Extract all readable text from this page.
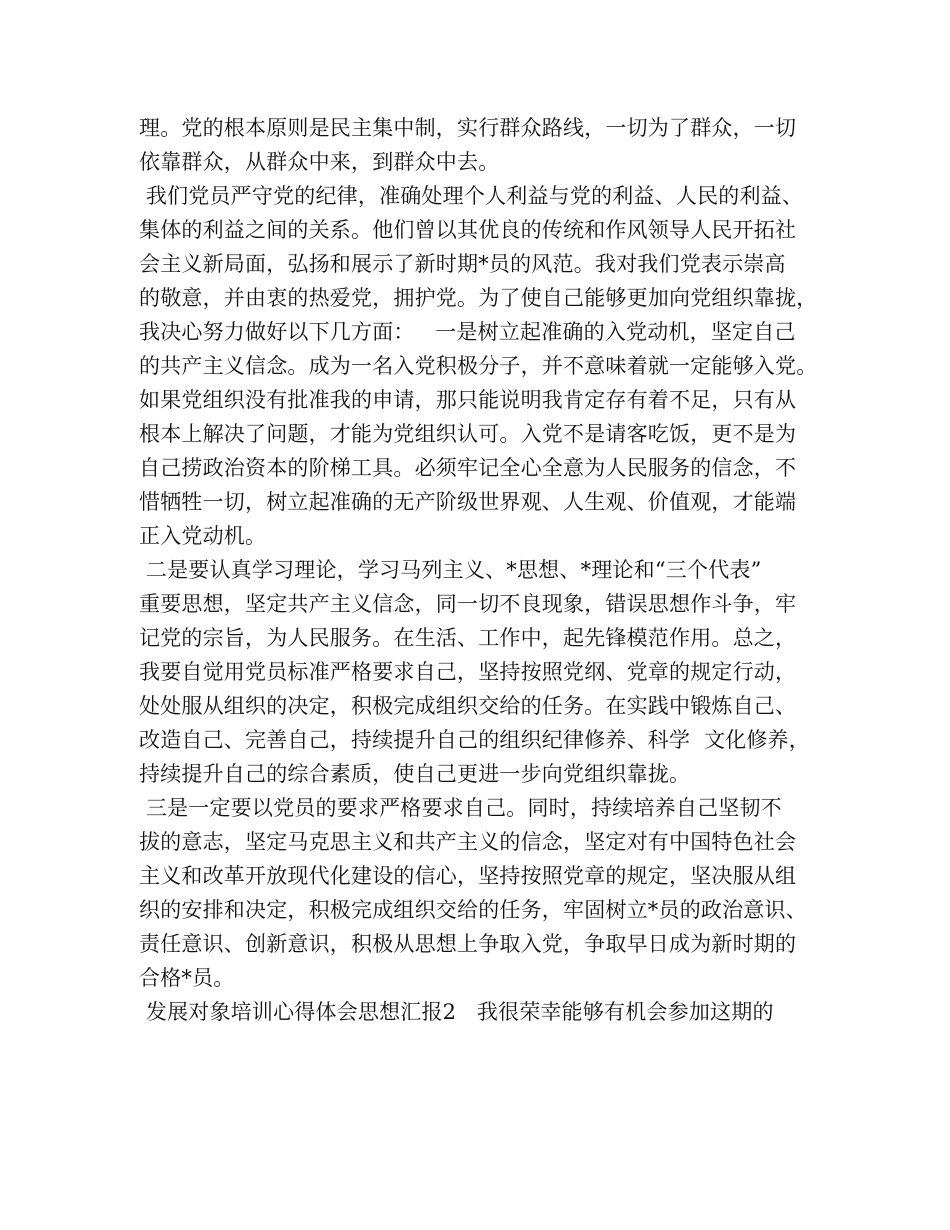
理。党的根本原则是民主集中制，实行群众路线，一切为了群众，一切
依靠群众，从群众中来，到群众中去。
我们党员严守党的纪律，准确处理个人利益与党的利益、人民的利益、
集体的利益之间的关系。他们曾以其优良的传统和作风领导人民开拓社
会主义新局面，弘扬和展示了新时期*员的风范。我对我们党表示崇高
的敬意，并由衷的热爱党，拥护党。为了使自己能够更加向党组织靠拢，
我决心努力做好以下几方面：   一是树立起准确的入党动机，坚定自己
的共产主义信念。成为一名入党积极分子，并不意味着就一定能够入党。
如果党组织没有批准我的申请，那只能说明我肯定存有着不足，只有从
根本上解决了问题，才能为党组织认可。入党不是请客吃饭，更不是为
自己捞政治资本的阶梯工具。必须牢记全心全意为人民服务的信念，不
惜牺牲一切，树立起准确的无产阶级世界观、人生观、价值观，才能端
正入党动机。
二是要认真学习理论，学习马列主义、*思想、*理论和“三个代表”
重要思想，坚定共产主义信念，同一切不良现象，错误思想作斗争，牢
记党的宗旨，为人民服务。在生活、工作中，起先锋模范作用。总之，
我要自觉用党员标准严格要求自己，坚持按照党纲、党章的规定行动，
处处服从组织的决定，积极完成组织交给的任务。在实践中锻炼自己、
改造自己、完善自己，持续提升自己的组织纪律修养、科学  文化修养，
持续提升自己的综合素质，使自己更进一步向党组织靠拢。
三是一定要以党员的要求严格要求自己。同时，持续培养自己坚韧不
拔的意志，坚定马克思主义和共产主义的信念，坚定对有中国特色社会
主义和改革开放现代化建设的信心，坚持按照党章的规定，坚决服从组
织的安排和决定，积极完成组织交给的任务，牢固树立*员的政治意识、
责任意识、创新意识，积极从思想上争取入党，争取早日成为新时期的
合格*员。
发展对象培训心得体会思想汇报2   我很荣幸能够有机会参加这期的
